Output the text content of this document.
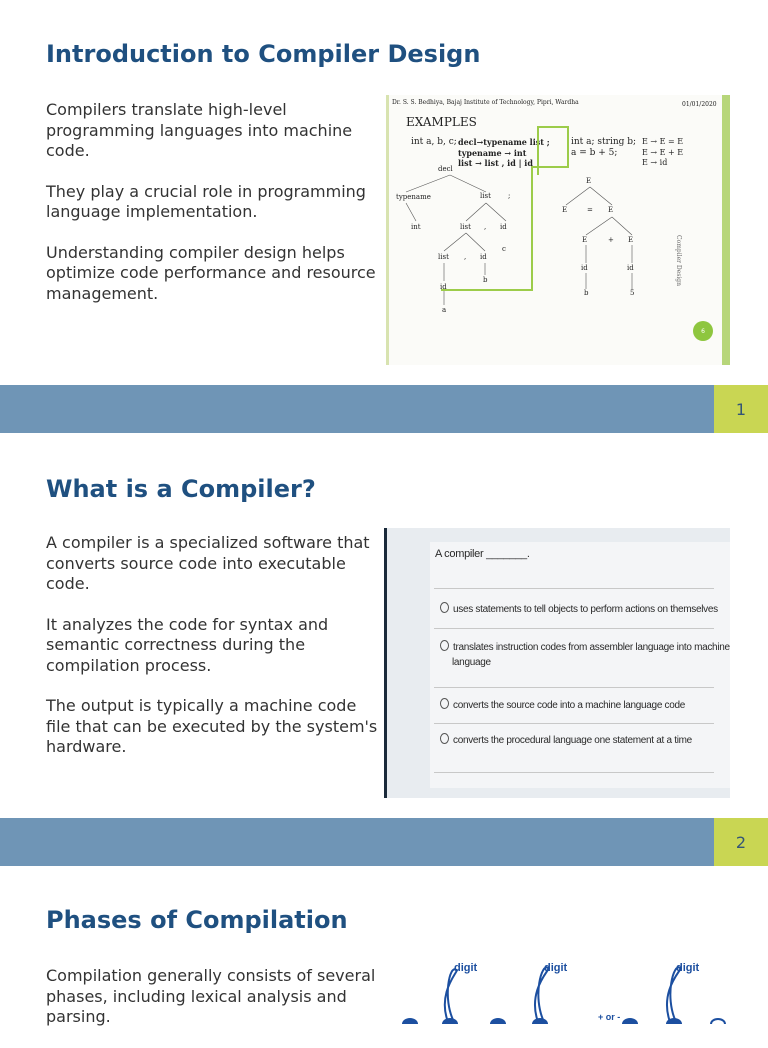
Introduction to Compiler Design

Compilers translate high-level programming languages into machine code.

They play a crucial role in programming language implementation.

Understanding compiler design helps optimize code performance and resource management.

Dr. S. S. Bedhiya, Bajaj Institute of Technology, Pipri, Wardha	01/01/2020
EXAMPLES
int a, b, c; decl→typename list ;
typename → int
list → list , id | id
int a; string b;
a = b + 5;
E → E = E
E → E + E
E → id
decl
typename	list ;
int	list , id
c
list , id
b
id
a
E
E	= E
E	+ E
id	id
b	5
Compiler Design
6
1
What is a Compiler?

A compiler is a specialized software that converts source code into executable code.

It analyzes the code for syntax and semantic correctness during the compilation process.

The output is typically a machine code file that can be executed by the system's hardware.

A compiler _______.
uses statements to tell objects to perform actions on themselves
translates instruction codes from assembler language into machine
language
converts the source code into a machine language code
converts the procedural language one statement at a time
2
Phases of Compilation

Compilation generally consists of several phases, including lexical analysis and parsing.

digit	digit	digit
+ or -
